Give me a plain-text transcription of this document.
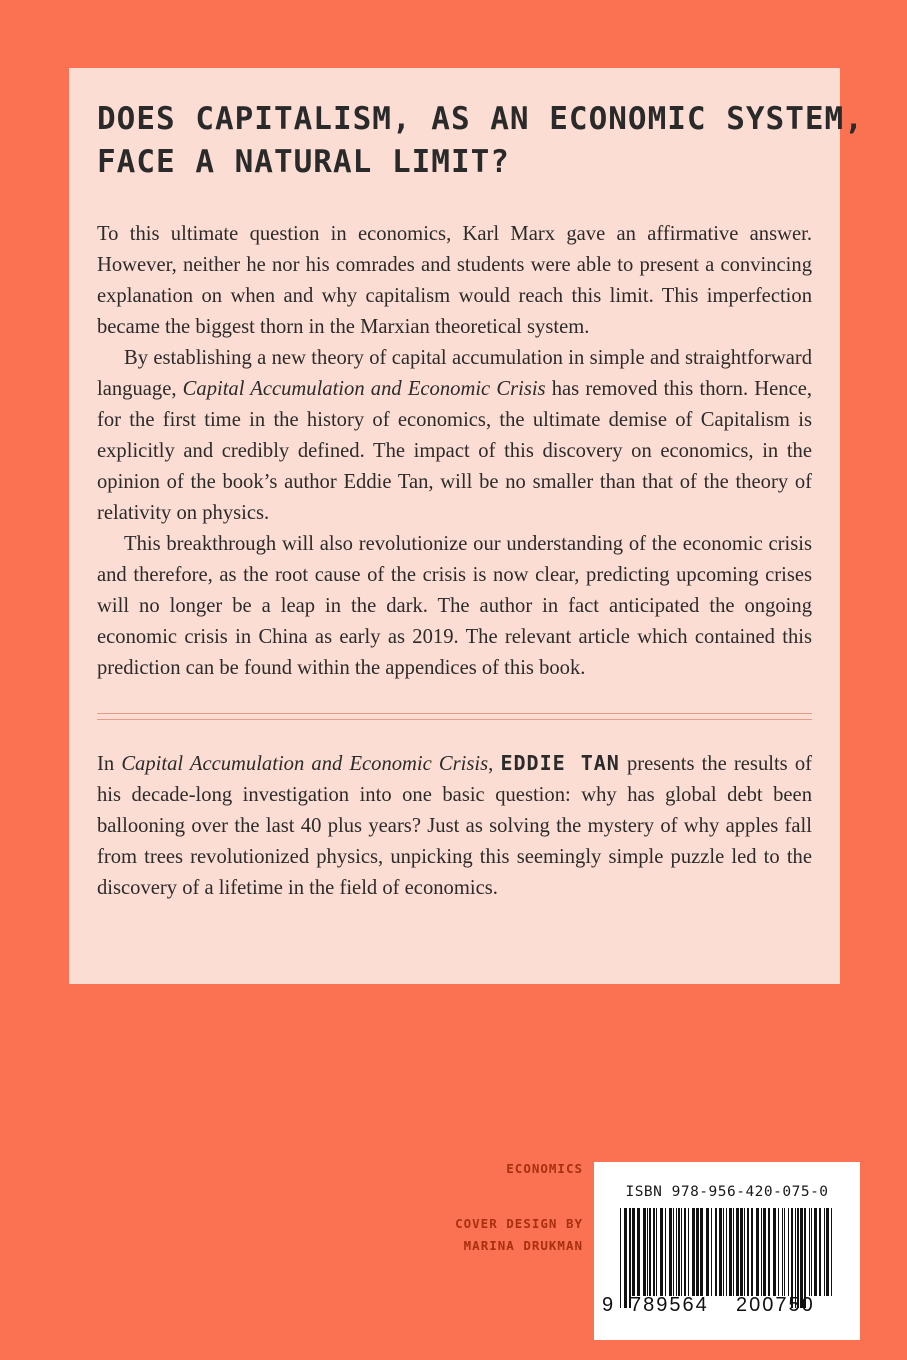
DOES CAPITALISM, AS AN ECONOMIC SYSTEM,
FACE A NATURAL LIMIT?

To this ultimate question in economics, Karl Marx gave an affirmative answer. However, neither he nor his comrades and students were able to present a convincing explanation on when and why capitalism would reach this limit. This imperfection became the biggest thorn in the Marxian theoretical system.

By establishing a new theory of capital accumulation in simple and straightforward language, Capital Accumulation and Economic Crisis has removed this thorn. Hence, for the first time in the history of economics, the ultimate demise of Capitalism is explicitly and credibly defined. The impact of this discovery on economics, in the opinion of the book’s author Eddie Tan, will be no smaller than that of the theory of relativity on physics.

This breakthrough will also revolutionize our understanding of the economic crisis and therefore, as the root cause of the crisis is now clear, predicting upcoming crises will no longer be a leap in the dark. The author in fact anticipated the ongoing economic crisis in China as early as 2019. The relevant article which contained this prediction can be found within the appendices of this book.

In Capital Accumulation and Economic Crisis, EDDIE TAN presents the results of his decade-long investigation into one basic question: why has global debt been ballooning over the last 40 plus years? Just as solving the mystery of why apples fall from trees revolutionized physics, unpicking this seemingly simple puzzle led to the discovery of a lifetime in the field of economics.

ECONOMICS
COVER DESIGN BY
MARINA DRUKMAN
ISBN 978-956-420-075-0
9 789564 200750
